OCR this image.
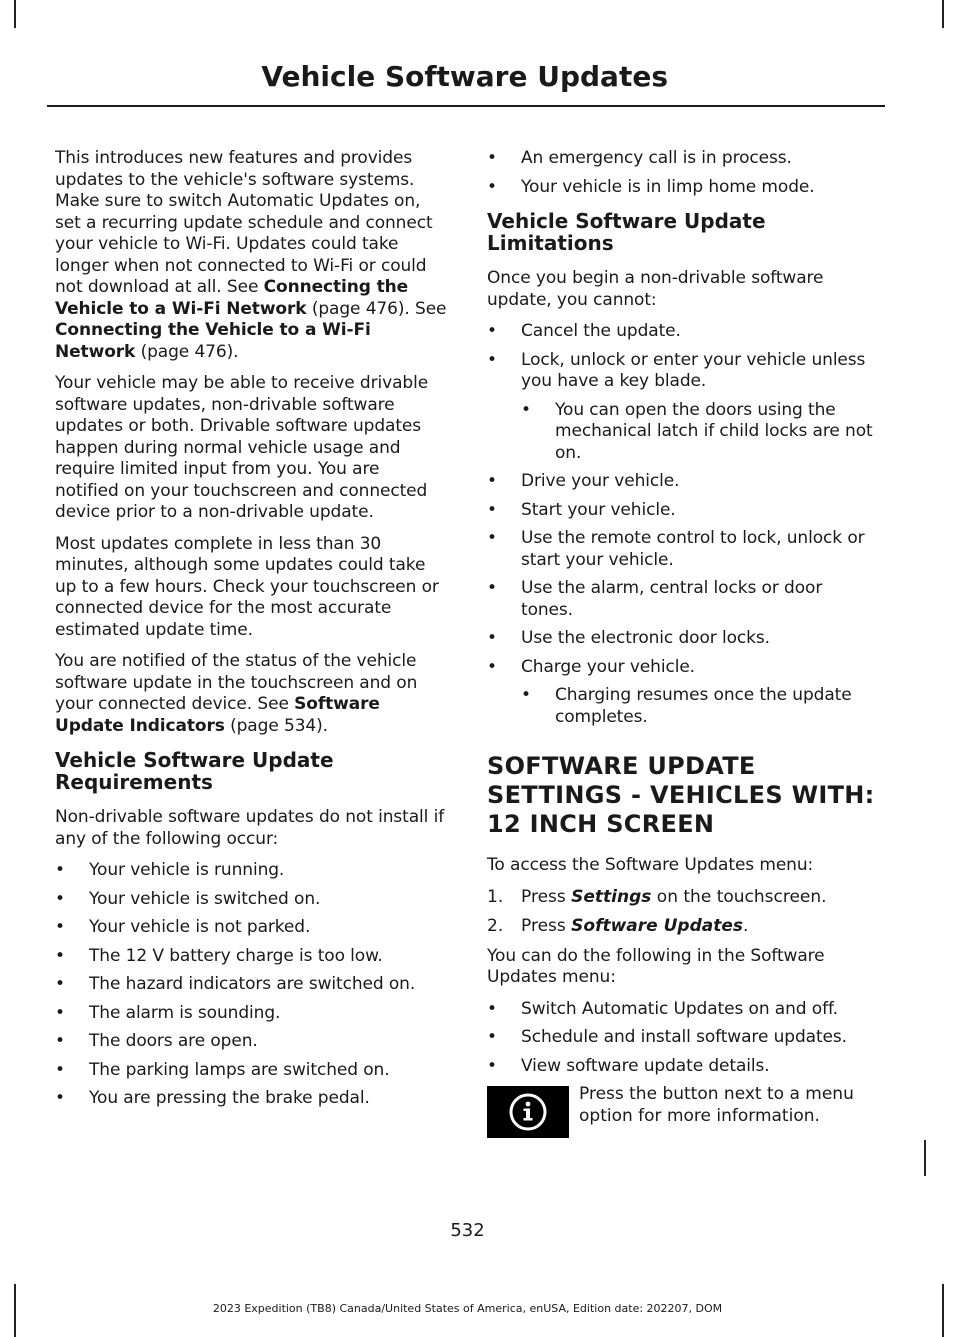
Vehicle Software Updates

This introduces new features and provides updates to the vehicle's software systems. Make sure to switch Automatic Updates on, set a recurring update schedule and connect your vehicle to Wi-Fi. Updates could take longer when not connected to Wi-Fi or could not download at all. See Connecting the Vehicle to a Wi-Fi Network (page 476). See Connecting the Vehicle to a Wi-Fi Network (page 476).

Your vehicle may be able to receive drivable software updates, non-drivable software updates or both. Drivable software updates happen during normal vehicle usage and require limited input from you. You are notified on your touchscreen and connected device prior to a non-drivable update.

Most updates complete in less than 30 minutes, although some updates could take up to a few hours. Check your touchscreen or connected device for the most accurate estimated update time.

You are notified of the status of the vehicle software update in the touchscreen and on your connected device. See Software Update Indicators (page 534).

Vehicle Software Update Requirements

Non-drivable software updates do not install if any of the following occur:

• Your vehicle is running.
• Your vehicle is switched on.
• Your vehicle is not parked.
• The 12 V battery charge is too low.
• The hazard indicators are switched on.
• The alarm is sounding.
• The doors are open.
• The parking lamps are switched on.
• You are pressing the brake pedal.
• An emergency call is in process.
• Your vehicle is in limp home mode.
Vehicle Software Update Limitations

Once you begin a non-drivable software update, you cannot:

• Cancel the update.
• Lock, unlock or enter your vehicle unless you have a key blade.
• You can open the doors using the mechanical latch if child locks are not on.
• Drive your vehicle.
• Start your vehicle.
• Use the remote control to lock, unlock or start your vehicle.
• Use the alarm, central locks or door tones.
• Use the electronic door locks.
• Charge your vehicle.
• Charging resumes once the update completes.
SOFTWARE UPDATE SETTINGS - VEHICLES WITH: 12 INCH SCREEN

To access the Software Updates menu:

1. Press Settings on the touchscreen.
2. Press Software Updates.

You can do the following in the Software Updates menu:

• Switch Automatic Updates on and off.
• Schedule and install software updates.
• View software update details.

Press the button next to a menu option for more information.

532

2023 Expedition (TB8) Canada/United States of America, enUSA, Edition date: 202207, DOM
